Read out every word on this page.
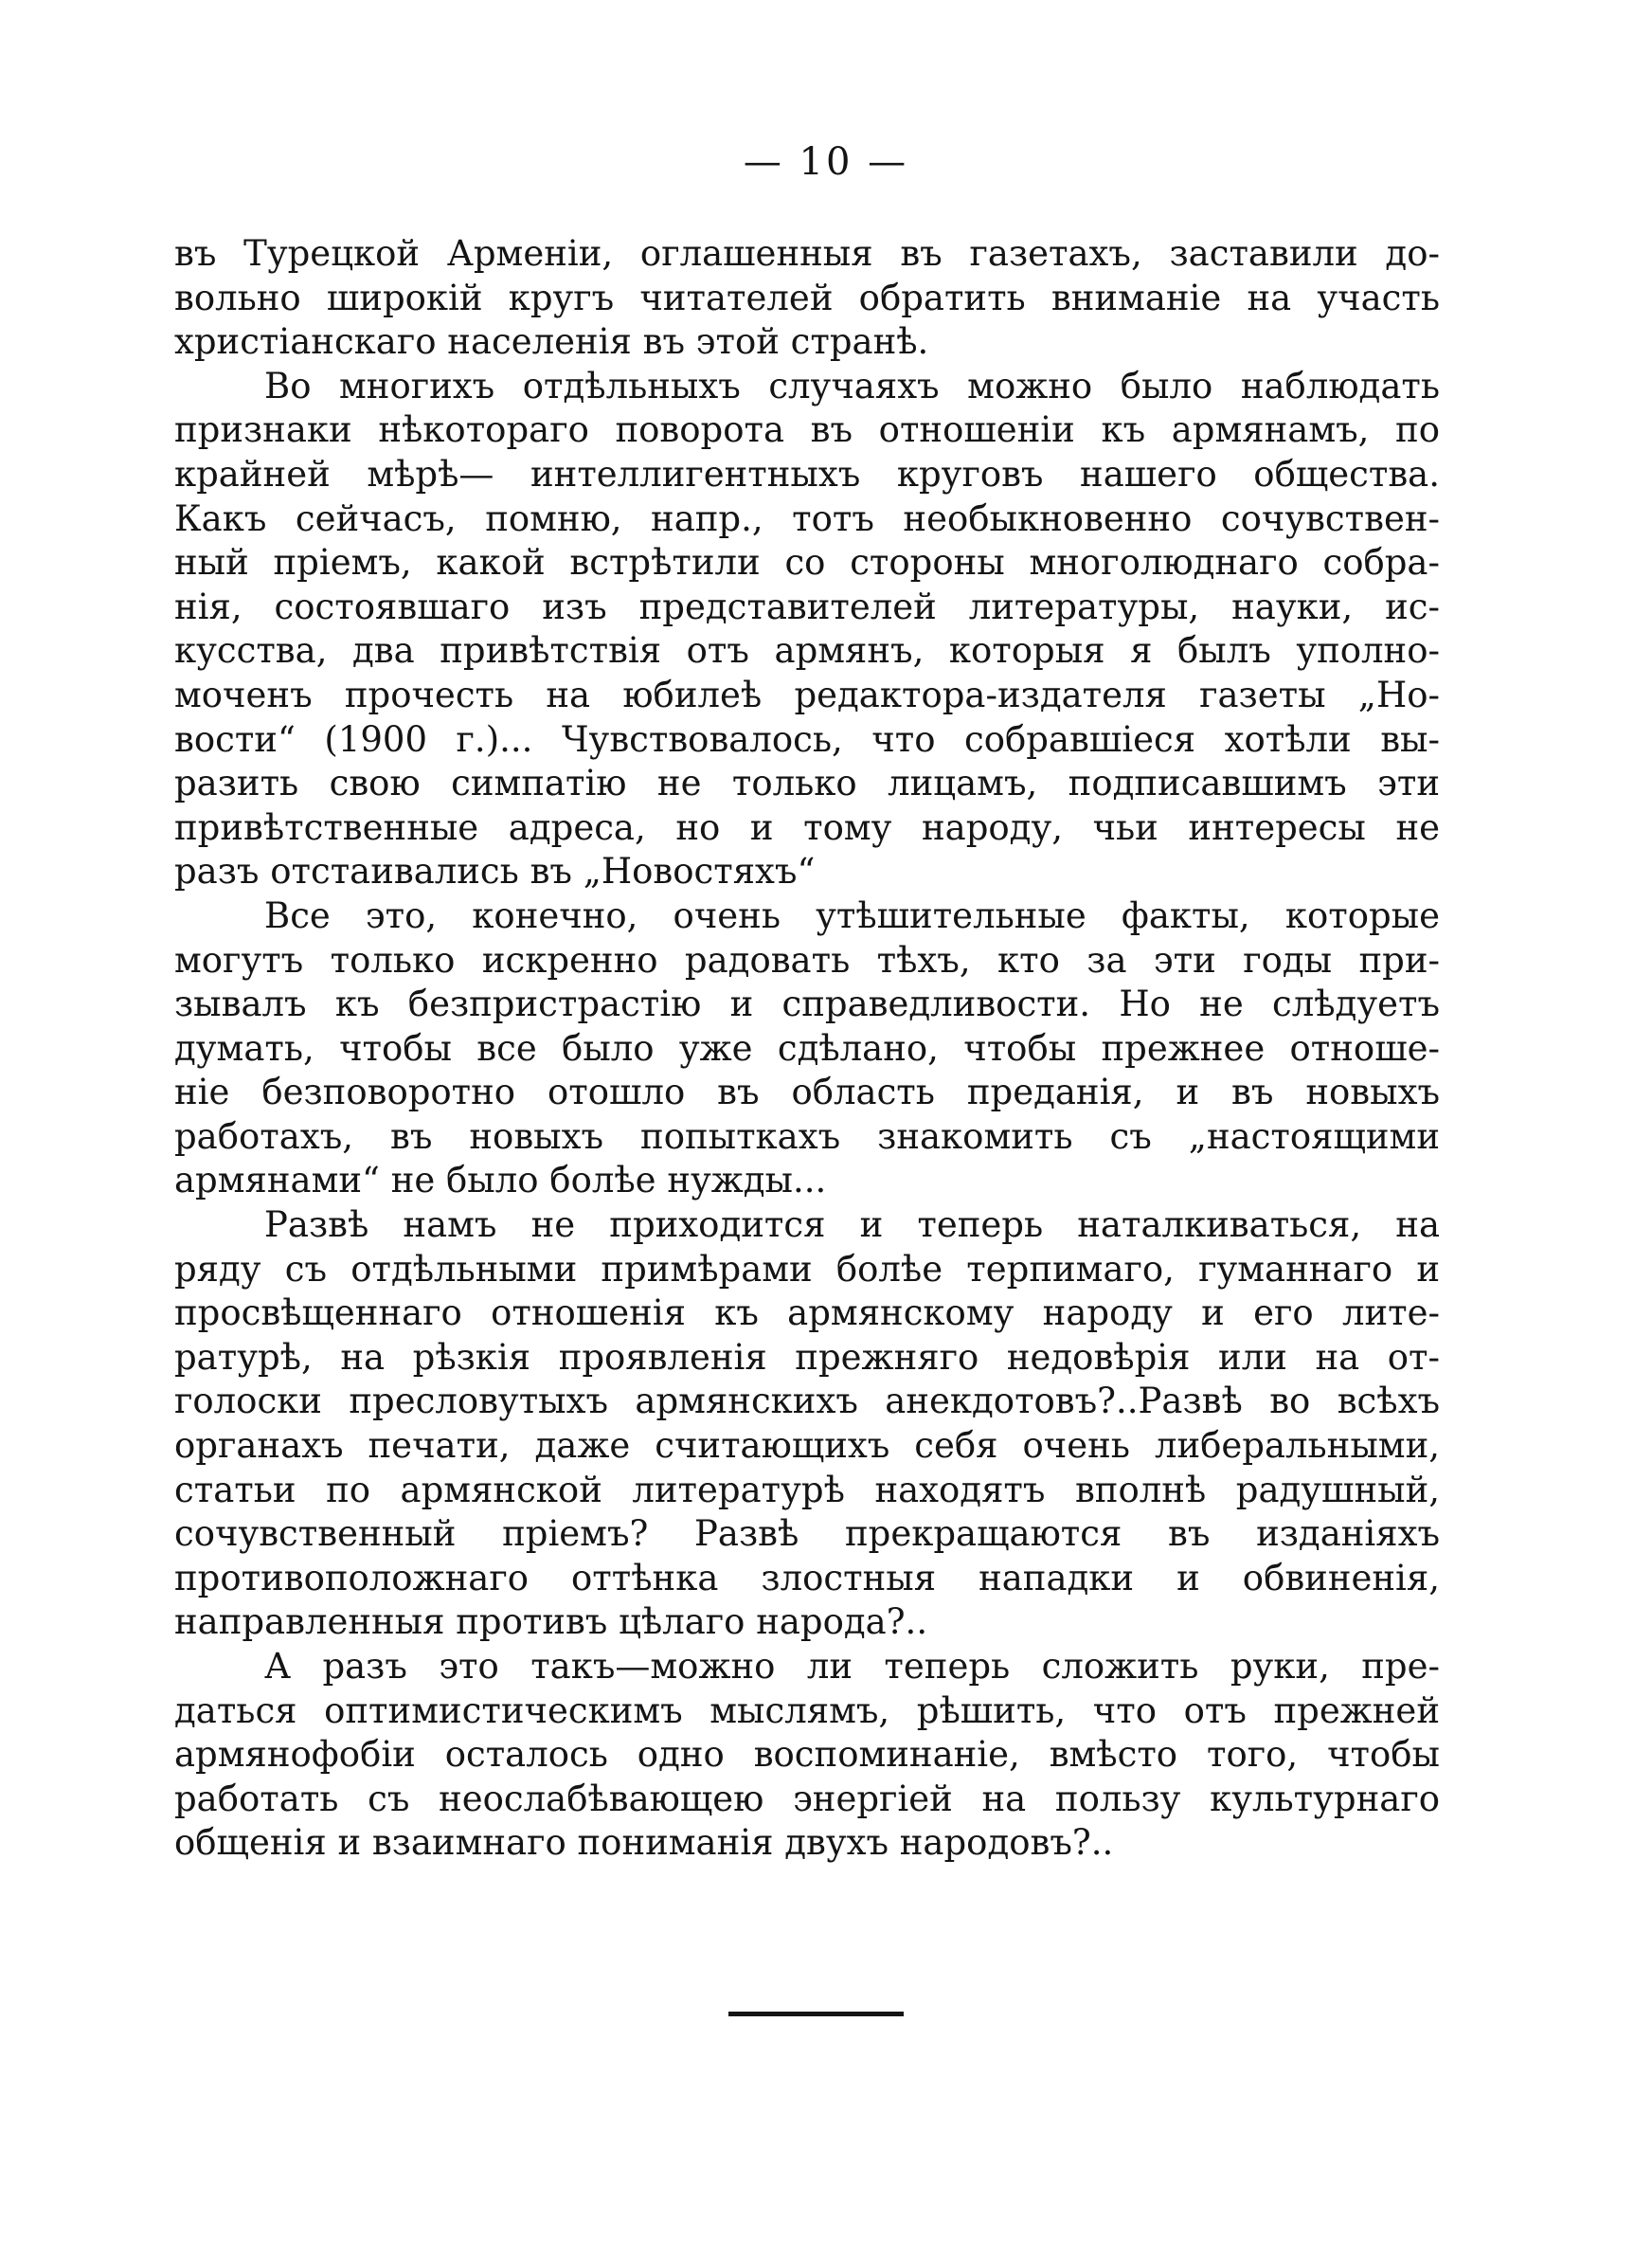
— 10 —
въ Турецкой Арменіи, оглашенныя въ газетахъ, заставили до-
вольно широкій кругъ читателей обратить вниманіе на участь
христіанскаго населенія въ этой странѣ.
Во многихъ отдѣльныхъ случаяхъ можно было наблюдать
признаки нѣкотораго поворота въ отношеніи къ армянамъ, по
крайней мѣрѣ— интеллигентныхъ круговъ нашего общества.
Какъ сейчасъ, помню, напр., тотъ необыкновенно сочувствен-
ный пріемъ, какой встрѣтили со стороны многолюднаго собра-
нія, состоявшаго изъ представителей литературы, науки, ис-
кусства, два привѣтствія отъ армянъ, которыя я былъ уполно-
моченъ прочесть на юбилеѣ редактора-издателя газеты „Но-
вости“ (1900 г.)... Чувствовалось, что собравшіеся хотѣли вы-
разить свою симпатію не только лицамъ, подписавшимъ эти
привѣтственные адреса, но и тому народу, чьи интересы не
разъ отстаивались въ „Новостяхъ“
Все это, конечно, очень утѣшительные факты, которые
могутъ только искренно радовать тѣхъ, кто за эти годы при-
зывалъ къ безпристрастію и справедливости. Но не слѣдуетъ
думать, чтобы все было уже сдѣлано, чтобы прежнее отноше-
ніе безповоротно отошло въ область преданія, и въ новыхъ
работахъ, въ новыхъ попыткахъ знакомить съ „настоящими
армянами“ не было болѣе нужды...
Развѣ намъ не приходится и теперь наталкиваться, на
ряду съ отдѣльными примѣрами болѣе терпимаго, гуманнаго и
просвѣщеннаго отношенія къ армянскому народу и его лите-
ратурѣ, на рѣзкія проявленія прежняго недовѣрія или на от-
голоски пресловутыхъ армянскихъ анекдотовъ?..Развѣ во всѣхъ
органахъ печати, даже считающихъ себя очень либеральными,
статьи по армянской литературѣ находятъ вполнѣ радушный,
сочувственный пріемъ? Развѣ прекращаются въ изданіяхъ
противоположнаго оттѣнка злостныя нападки и обвиненія,
направленныя противъ цѣлаго народа?..
А разъ это такъ—можно ли теперь сложить руки, пре-
даться оптимистическимъ мыслямъ, рѣшить, что отъ прежней
армянофобіи осталось одно воспоминаніе, вмѣсто того, чтобы
работать съ неослабѣвающею энергіей на пользу культурнаго
общенія и взаимнаго пониманія двухъ народовъ?..
